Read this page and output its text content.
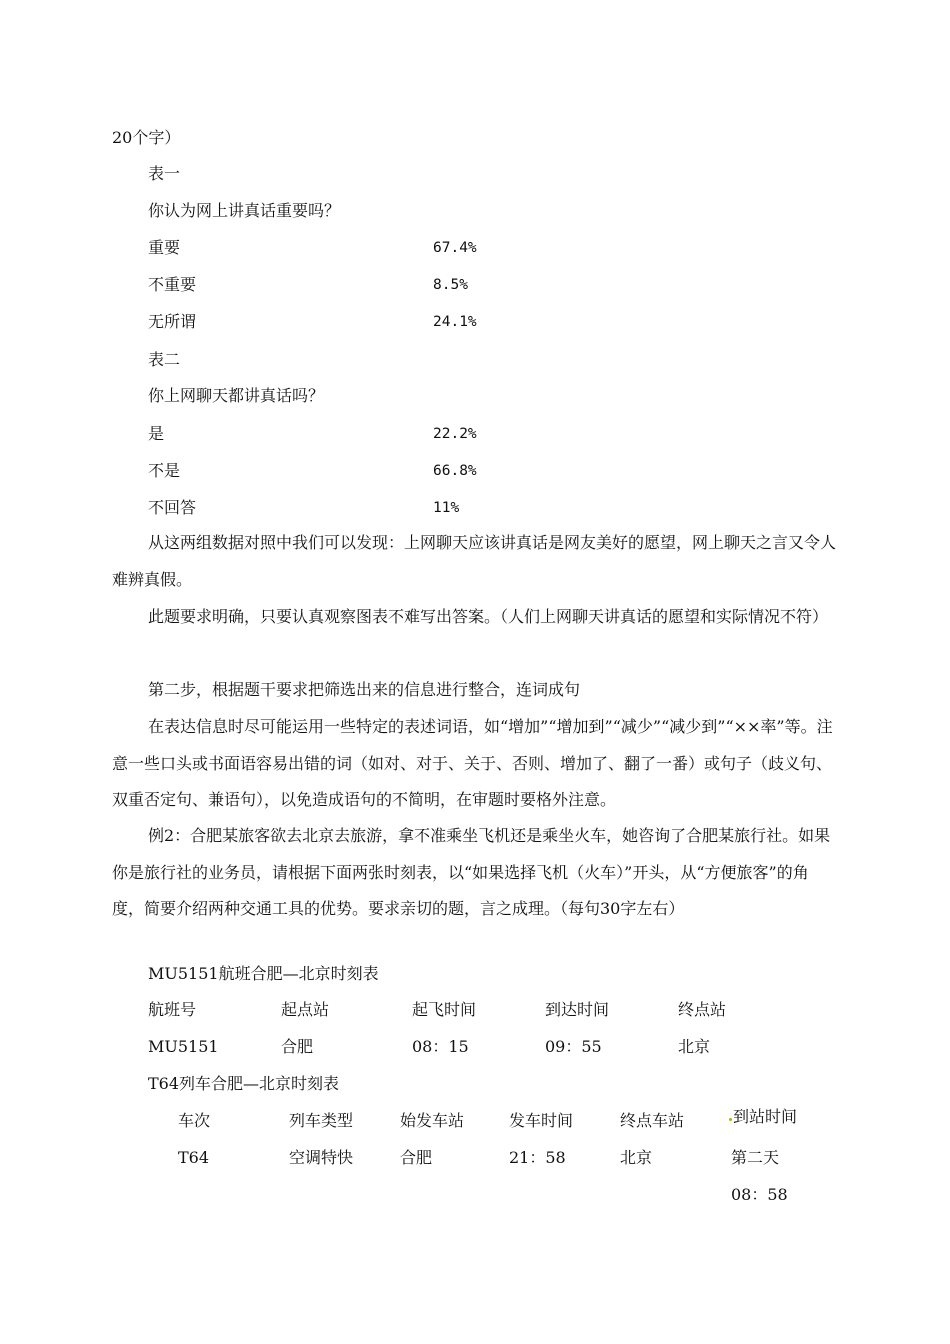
20个字）
表一
你认为网上讲真话重要吗？
重要	67.4%
不重要	8.5%
无所谓	24.1%
表二
你上网聊天都讲真话吗？
是	22.2%
不是	66.8%
不回答	11%
从这两组数据对照中我们可以发现：上网聊天应该讲真话是网友美好的愿望，网上聊天之言又令人难辨真假。
此题要求明确，只要认真观察图表不难写出答案。（人们上网聊天讲真话的愿望和实际情况不符）
第二步，根据题干要求把筛选出来的信息进行整合，连词成句
在表达信息时尽可能运用一些特定的表述词语，如“增加”“增加到”“减少”“减少到”“××率”等。注意一些口头或书面语容易出错的词（如对、对于、关于、否则、增加了、翻了一番）或句子（歧义句、双重否定句、兼语句），以免造成语句的不简明，在审题时要格外注意。
例2：合肥某旅客欲去北京去旅游，拿不准乘坐飞机还是乘坐火车，她咨询了合肥某旅行社。如果你是旅行社的业务员，请根据下面两张时刻表，以“如果选择飞机（火车）”开头，从“方便旅客”的角度，简要介绍两种交通工具的优势。要求亲切的题，言之成理。（每句30字左右）
MU5151航班合肥—北京时刻表
航班号	起点站	起飞时间	到达时间	终点站
MU5151	合肥	08：15	09：55	北京
T64列车合肥—北京时刻表
车次	列车类型	始发车站	发车时间	终点车站	到站时间
T64	空调特快	合肥	21：58	北京	第二天
08：58
